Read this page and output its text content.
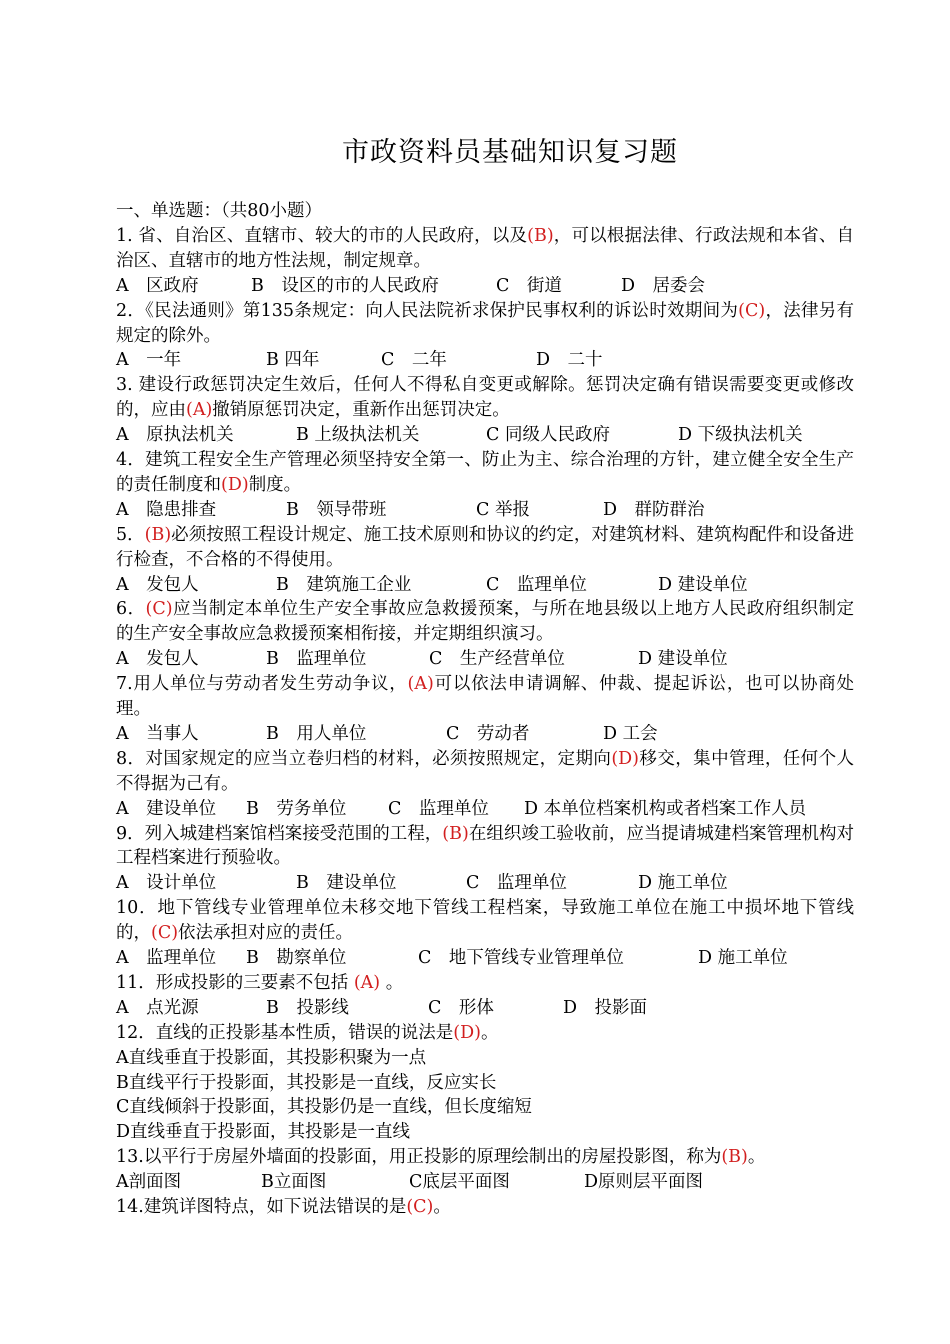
市政资料员基础知识复习题
一、单选题：（共80小题）
1. 省、自治区、直辖市、较大的市的人民政府，以及(B)，可以根据法律、行政法规和本省、自治区、直辖市的地方性法规，制定规章。
A　区政府	B　设区的市的人民政府	C　街道	D　居委会
2．《民法通则》第135条规定：向人民法院祈求保护民事权利的诉讼时效期间为(C)，法律另有规定的除外。
A　一年	B 四年	C　二年	D　二十
3. 建设行政惩罚决定生效后，任何人不得私自变更或解除。惩罚决定确有错误需要变更或修改的，应由(A)撤销原惩罚决定，重新作出惩罚决定。
A　原执法机关	B 上级执法机关	C 同级人民政府	D 下级执法机关
4．建筑工程安全生产管理必须坚持安全第一、防止为主、综合治理的方针，建立健全安全生产的责任制度和(D)制度。
A　隐患排查	B　领导带班	C 举报	D　群防群治
5．(B)必须按照工程设计规定、施工技术原则和协议的约定，对建筑材料、建筑构配件和设备进行检查，不合格的不得使用。
A　发包人	B　建筑施工企业	C　监理单位	D 建设单位
6．(C)应当制定本单位生产安全事故应急救援预案，与所在地县级以上地方人民政府组织制定的生产安全事故应急救援预案相衔接，并定期组织演习。
A　发包人	B　监理单位	C　生产经营单位	D 建设单位
7.用人单位与劳动者发生劳动争议，(A)可以依法申请调解、仲裁、提起诉讼，也可以协商处理。
A　当事人	B　用人单位	C　劳动者	D 工会
8．对国家规定的应当立卷归档的材料，必须按照规定，定期向(D)移交，集中管理，任何个人不得据为己有。
A　建设单位 B　劳务单位 C　监理单位 D 本单位档案机构或者档案工作人员
9．列入城建档案馆档案接受范围的工程，(B)在组织竣工验收前，应当提请城建档案管理机构对工程档案进行预验收。
A　设计单位	B　建设单位	C　监理单位	D 施工单位
10．地下管线专业管理单位未移交地下管线工程档案，导致施工单位在施工中损坏地下管线的，(C)依法承担对应的责任。
A　监理单位 B　勘察单位	C　地下管线专业管理单位	D 施工单位
11．形成投影的三要素不包括 (A) 。
A　点光源	B　投影线	C　形体	D　投影面
12．直线的正投影基本性质，错误的说法是(D)。
A直线垂直于投影面，其投影积聚为一点
B直线平行于投影面，其投影是一直线，反应实长
C直线倾斜于投影面，其投影仍是一直线，但长度缩短
D直线垂直于投影面，其投影是一直线
13.以平行于房屋外墙面的投影面，用正投影的原理绘制出的房屋投影图，称为(B)。
A剖面图	B立面图	C底层平面图	D原则层平面图
14.建筑详图特点，如下说法错误的是(C)。
